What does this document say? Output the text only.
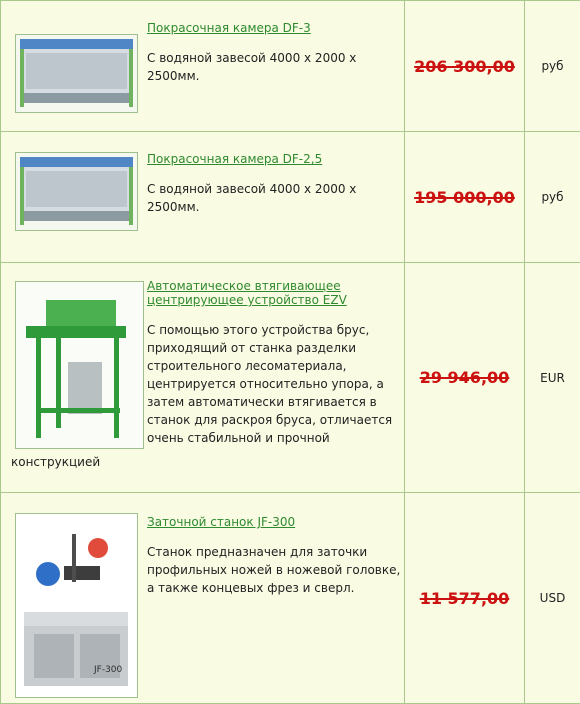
Покрасочная камера DF-3
С водяной завесой 4000 х 2000 х 2500мм.	206 300,00	руб

Покрасочная камера DF-2,5
С водяной завесой 4000 х 2000 х 2500мм.	195 000,00	руб

Автоматическое втягивающее центрирующее устройство EZV
С помощью этого устройства брус, приходящий от станка разделки строительного лесоматериала, центрируется относительно упора, а затем автоматически втягивается в станок для раскроя бруса, отличается очень стабильной и прочной
конструкцией	29 946,00	EUR

JF-300
Заточной станок JF-300
Станок предназначен для заточки профильных ножей в ножевой головке, а также концевых фрез и сверл.	11 577,00	USD
